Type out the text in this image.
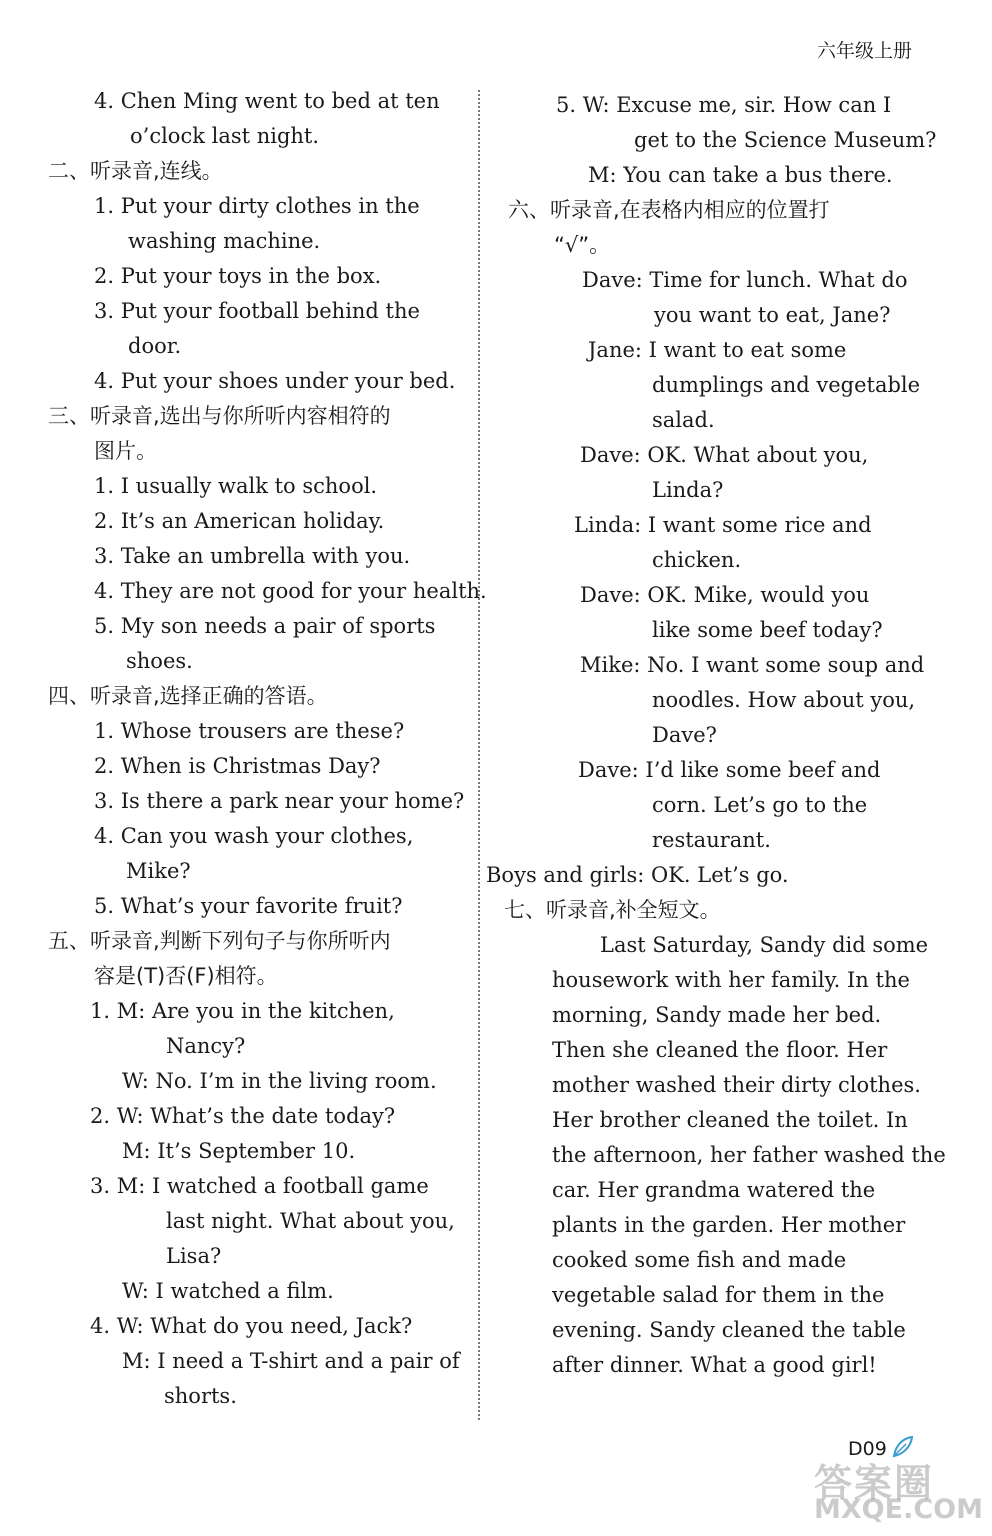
六年级上册
4. Chen Ming went to bed at ten
o’clock last night.
二、听录音,连线。
1. Put your dirty clothes in the
washing machine.
2. Put your toys in the box.
3. Put your football behind the
door.
4. Put your shoes under your bed.
三、听录音,选出与你所听内容相符的
图片。
1. I usually walk to school.
2. It’s an American holiday.
3. Take an umbrella with you.
4. They are not good for your health.
5. My son needs a pair of sports
shoes.
四、听录音,选择正确的答语。
1. Whose trousers are these?
2. When is Christmas Day?
3. Is there a park near your home?
4. Can you wash your clothes,
Mike?
5. What’s your favorite fruit?
五、听录音,判断下列句子与你所听内
容是(T)否(F)相符。
1. M: Are you in the kitchen,
Nancy?
W: No. I’m in the living room.
2. W: What’s the date today?
M: It’s September 10.
3. M: I watched a football game
last night. What about you,
Lisa?
W: I watched a film.
4. W: What do you need, Jack?
M: I need a T-shirt and a pair of
shorts.
5. W: Excuse me, sir. How can I
get to the Science Museum?
M: You can take a bus there.
六、听录音,在表格内相应的位置打
“√”。
Dave: Time for lunch. What do
you want to eat, Jane?
Jane: I want to eat some
dumplings and vegetable
salad.
Dave: OK. What about you,
Linda?
Linda: I want some rice and
chicken.
Dave: OK. Mike, would you
like some beef today?
Mike: No. I want some soup and
noodles. How about you,
Dave?
Dave: I’d like some beef and
corn. Let’s go to the
restaurant.
Boys and girls: OK. Let’s go.
七、听录音,补全短文。
Last Saturday, Sandy did some
housework with her family. In the
morning, Sandy made her bed.
Then she cleaned the floor. Her
mother washed their dirty clothes.
Her brother cleaned the toilet. In
the afternoon, her father washed the
car. Her grandma watered the
plants in the garden. Her mother
cooked some fish and made
vegetable salad for them in the
evening. Sandy cleaned the table
after dinner. What a good girl!
D09
答案圈
MXQE.COM
